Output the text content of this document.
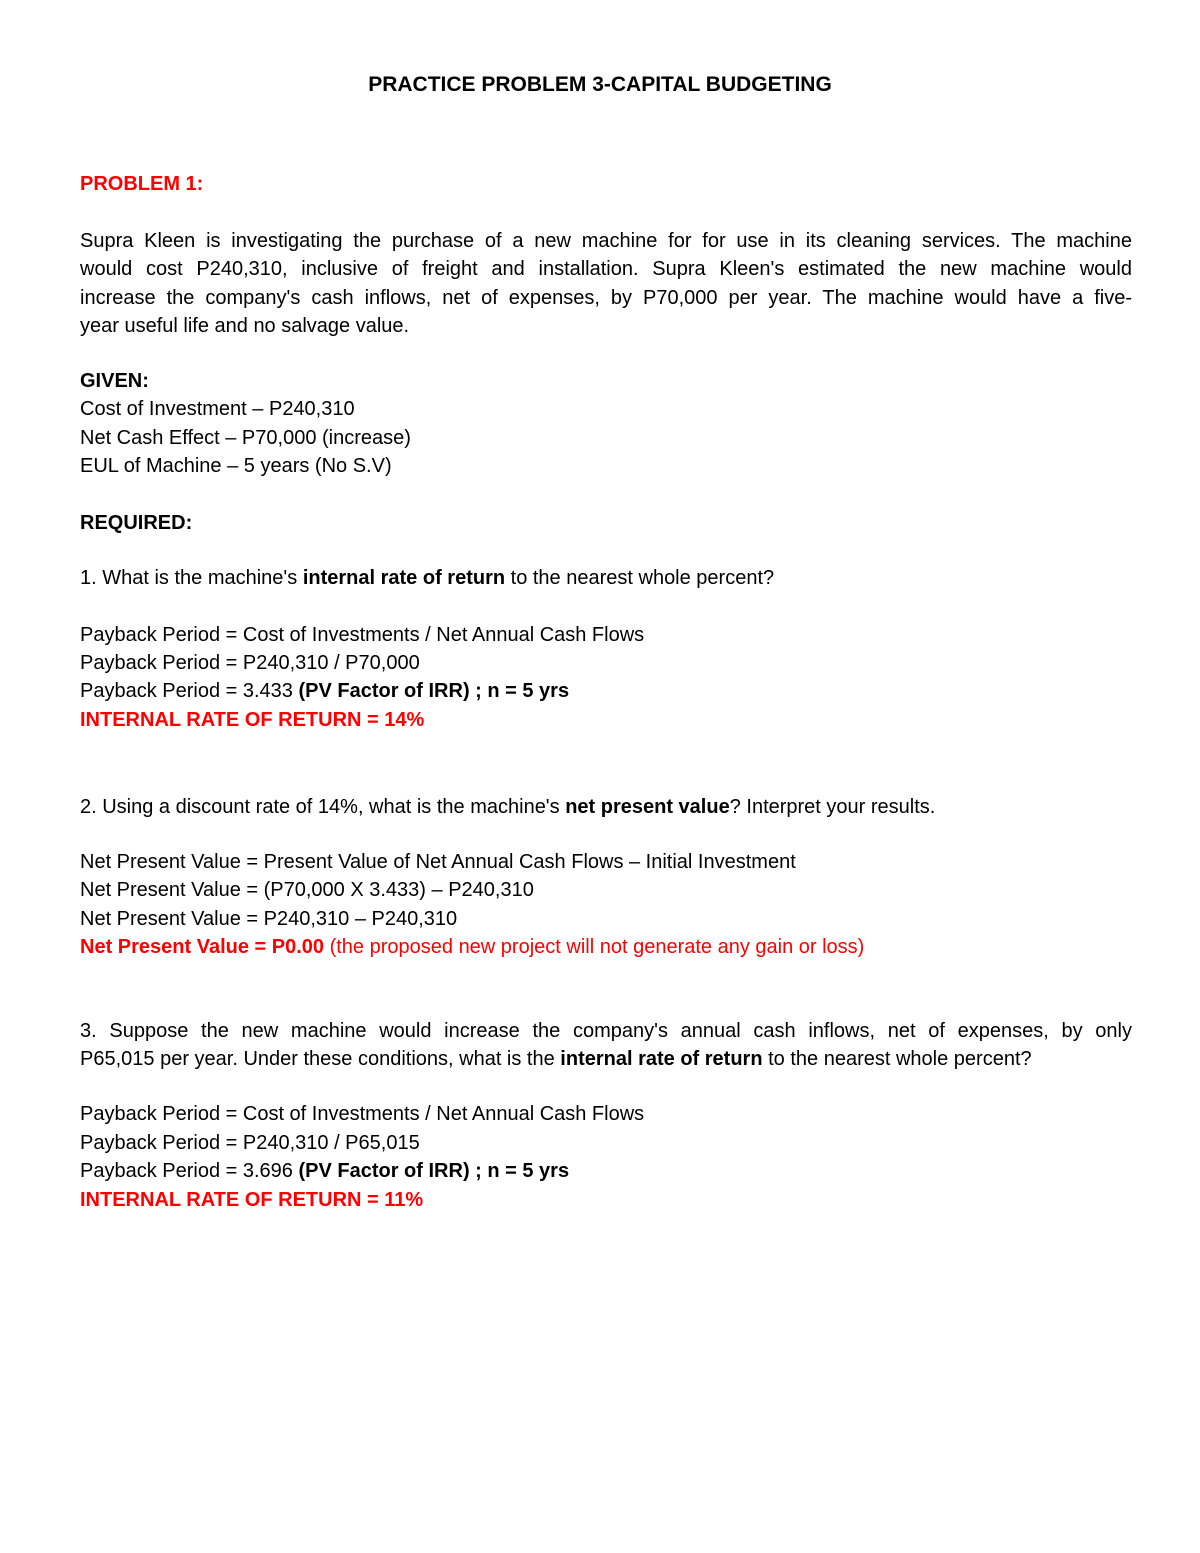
PRACTICE PROBLEM 3-CAPITAL BUDGETING
PROBLEM 1:
Supra Kleen is investigating the purchase of a new machine for for use in its cleaning services. The machine
would cost P240,310, inclusive of freight and installation. Supra Kleen's estimated the new machine would
increase the company's cash inflows, net of expenses, by P70,000 per year. The machine would have a five-
year useful life and no salvage value.
GIVEN:
Cost of Investment – P240,310
Net Cash Effect – P70,000 (increase)
EUL of Machine – 5 years (No S.V)
REQUIRED:
1. What is the machine's internal rate of return to the nearest whole percent?
Payback Period = Cost of Investments / Net Annual Cash Flows
Payback Period = P240,310 / P70,000
Payback Period = 3.433 (PV Factor of IRR) ; n = 5 yrs
INTERNAL RATE OF RETURN = 14%
2. Using a discount rate of 14%, what is the machine's net present value? Interpret your results.
Net Present Value = Present Value of Net Annual Cash Flows – Initial Investment
Net Present Value = (P70,000 X 3.433) – P240,310
Net Present Value = P240,310 – P240,310
Net Present Value = P0.00 (the proposed new project will not generate any gain or loss)
3. Suppose the new machine would increase the company's annual cash inflows, net of expenses, by only
P65,015 per year. Under these conditions, what is the internal rate of return to the nearest whole percent?
Payback Period = Cost of Investments / Net Annual Cash Flows
Payback Period = P240,310 / P65,015
Payback Period = 3.696 (PV Factor of IRR) ; n = 5 yrs
INTERNAL RATE OF RETURN = 11%
